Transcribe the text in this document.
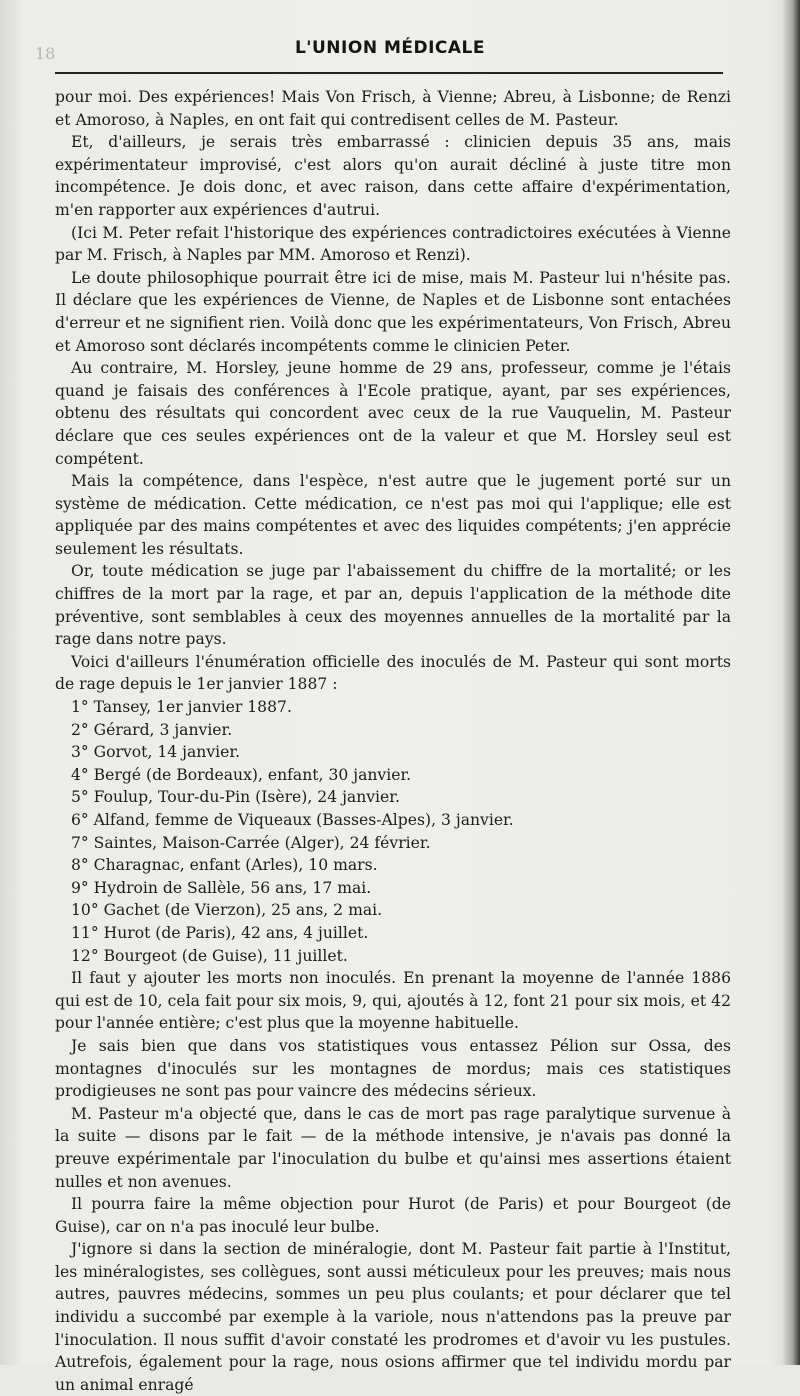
18	L'UNION MÉDICALE

pour moi. Des expériences! Mais Von Frisch, à Vienne; Abreu, à Lisbonne; de Renzi et Amoroso, à Naples, en ont fait qui contredisent celles de M. Pasteur.

Et, d'ailleurs, je serais très embarrassé : clinicien depuis 35 ans, mais expérimentateur improvisé, c'est alors qu'on aurait décliné à juste titre mon incompétence. Je dois donc, et avec raison, dans cette affaire d'expérimentation, m'en rapporter aux expériences d'autrui.

(Ici M. Peter refait l'historique des expériences contradictoires exécutées à Vienne par M. Frisch, à Naples par MM. Amoroso et Renzi).

Le doute philosophique pourrait être ici de mise, mais M. Pasteur lui n'hésite pas. Il déclare que les expériences de Vienne, de Naples et de Lisbonne sont entachées d'erreur et ne signifient rien. Voilà donc que les expérimentateurs, Von Frisch, Abreu et Amoroso sont déclarés incompétents comme le clinicien Peter.

Au contraire, M. Horsley, jeune homme de 29 ans, professeur, comme je l'étais quand je faisais des conférences à l'Ecole pratique, ayant, par ses expériences, obtenu des résultats qui concordent avec ceux de la rue Vauquelin, M. Pasteur déclare que ces seules expériences ont de la valeur et que M. Horsley seul est compétent.

Mais la compétence, dans l'espèce, n'est autre que le jugement porté sur un système de médication. Cette médication, ce n'est pas moi qui l'applique; elle est appliquée par des mains compétentes et avec des liquides compétents; j'en apprécie seulement les résultats.

Or, toute médication se juge par l'abaissement du chiffre de la mortalité; or les chiffres de la mort par la rage, et par an, depuis l'application de la méthode dite préventive, sont semblables à ceux des moyennes annuelles de la mortalité par la rage dans notre pays.

Voici d'ailleurs l'énumération officielle des inoculés de M. Pasteur qui sont morts de rage depuis le 1er janvier 1887 :

1° Tansey, 1er janvier 1887.
2° Gérard, 3 janvier.
3° Gorvot, 14 janvier.
4° Bergé (de Bordeaux), enfant, 30 janvier.
5° Foulup, Tour-du-Pin (Isère), 24 janvier.
6° Alfand, femme de Viqueaux (Basses-Alpes), 3 janvier.
7° Saintes, Maison-Carrée (Alger), 24 février.
8° Charagnac, enfant (Arles), 10 mars.
9° Hydroin de Sallèle, 56 ans, 17 mai.
10° Gachet (de Vierzon), 25 ans, 2 mai.
11° Hurot (de Paris), 42 ans, 4 juillet.
12° Bourgeot (de Guise), 11 juillet.

Il faut y ajouter les morts non inoculés. En prenant la moyenne de l'année 1886 qui est de 10, cela fait pour six mois, 9, qui, ajoutés à 12, font 21 pour six mois, et 42 pour l'année entière; c'est plus que la moyenne habituelle.

Je sais bien que dans vos statistiques vous entassez Pélion sur Ossa, des montagnes d'inoculés sur les montagnes de mordus; mais ces statistiques prodigieuses ne sont pas pour vaincre des médecins sérieux.

M. Pasteur m'a objecté que, dans le cas de mort pas rage paralytique survenue à la suite — disons par le fait — de la méthode intensive, je n'avais pas donné la preuve expérimentale par l'inoculation du bulbe et qu'ainsi mes assertions étaient nulles et non avenues.

Il pourra faire la même objection pour Hurot (de Paris) et pour Bourgeot (de Guise), car on n'a pas inoculé leur bulbe.

J'ignore si dans la section de minéralogie, dont M. Pasteur fait partie à l'Institut, les minéralogistes, ses collègues, sont aussi méticuleux pour les preuves; mais nous autres, pauvres médecins, sommes un peu plus coulants; et pour déclarer que tel individu a succombé par exemple à la variole, nous n'attendons pas la preuve par l'inoculation. Il nous suffit d'avoir constaté les prodromes et d'avoir vu les pustules. Autrefois, également pour la rage, nous osions affirmer que tel individu mordu par un animal enragé
